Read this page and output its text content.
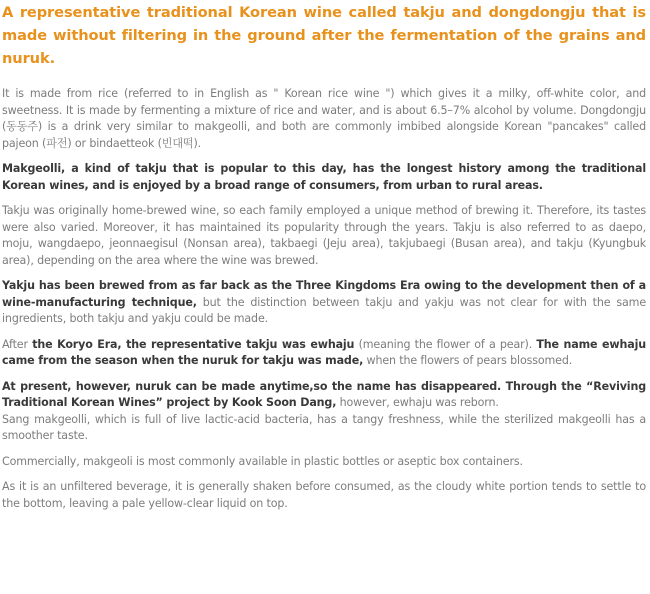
A representative traditional Korean wine called takju and dongdongju that is made without filtering in the ground after the fermentation of the grains and nuruk.

It is made from rice (referred to in English as " Korean rice wine ") which gives it a milky, off-white color, and sweetness. It is made by fermenting a mixture of rice and water, and is about 6.5–7% alcohol by volume. Dongdongju (동동주) is a drink very similar to makgeolli, and both are commonly imbibed alongside Korean "pancakes" called pajeon (파전) or bindaetteok (빈대떡).

Makgeolli, a kind of takju that is popular to this day, has the longest history among the traditional Korean wines, and is enjoyed by a broad range of consumers, from urban to rural areas.

Takju was originally home-brewed wine, so each family employed a unique method of brewing it. Therefore, its tastes were also varied. Moreover, it has maintained its popularity through the years. Takju is also referred to as daepo, moju, wangdaepo, jeonnaegisul (Nonsan area), takbaegi (Jeju area), takjubaegi (Busan area), and takju (Kyungbuk area), depending on the area where the wine was brewed.

Yakju has been brewed from as far back as the Three Kingdoms Era owing to the development then of a wine-manufacturing technique, but the distinction between takju and yakju was not clear for with the same ingredients, both takju and yakju could be made.

After the Koryo Era, the representative takju was ewhaju (meaning the flower of a pear). The name ewhaju came from the season when the nuruk for takju was made, when the flowers of pears blossomed.

At present, however, nuruk can be made anytime,so the name has disappeared. Through the “Reviving Traditional Korean Wines” project by Kook Soon Dang, however, ewhaju was reborn.
Sang makgeolli, which is full of live lactic-acid bacteria, has a tangy freshness, while the sterilized makgeolli has a smoother taste.

Commercially, makgeoli is most commonly available in plastic bottles or aseptic box containers.

As it is an unfiltered beverage, it is generally shaken before consumed, as the cloudy white portion tends to settle to the bottom, leaving a pale yellow-clear liquid on top.
